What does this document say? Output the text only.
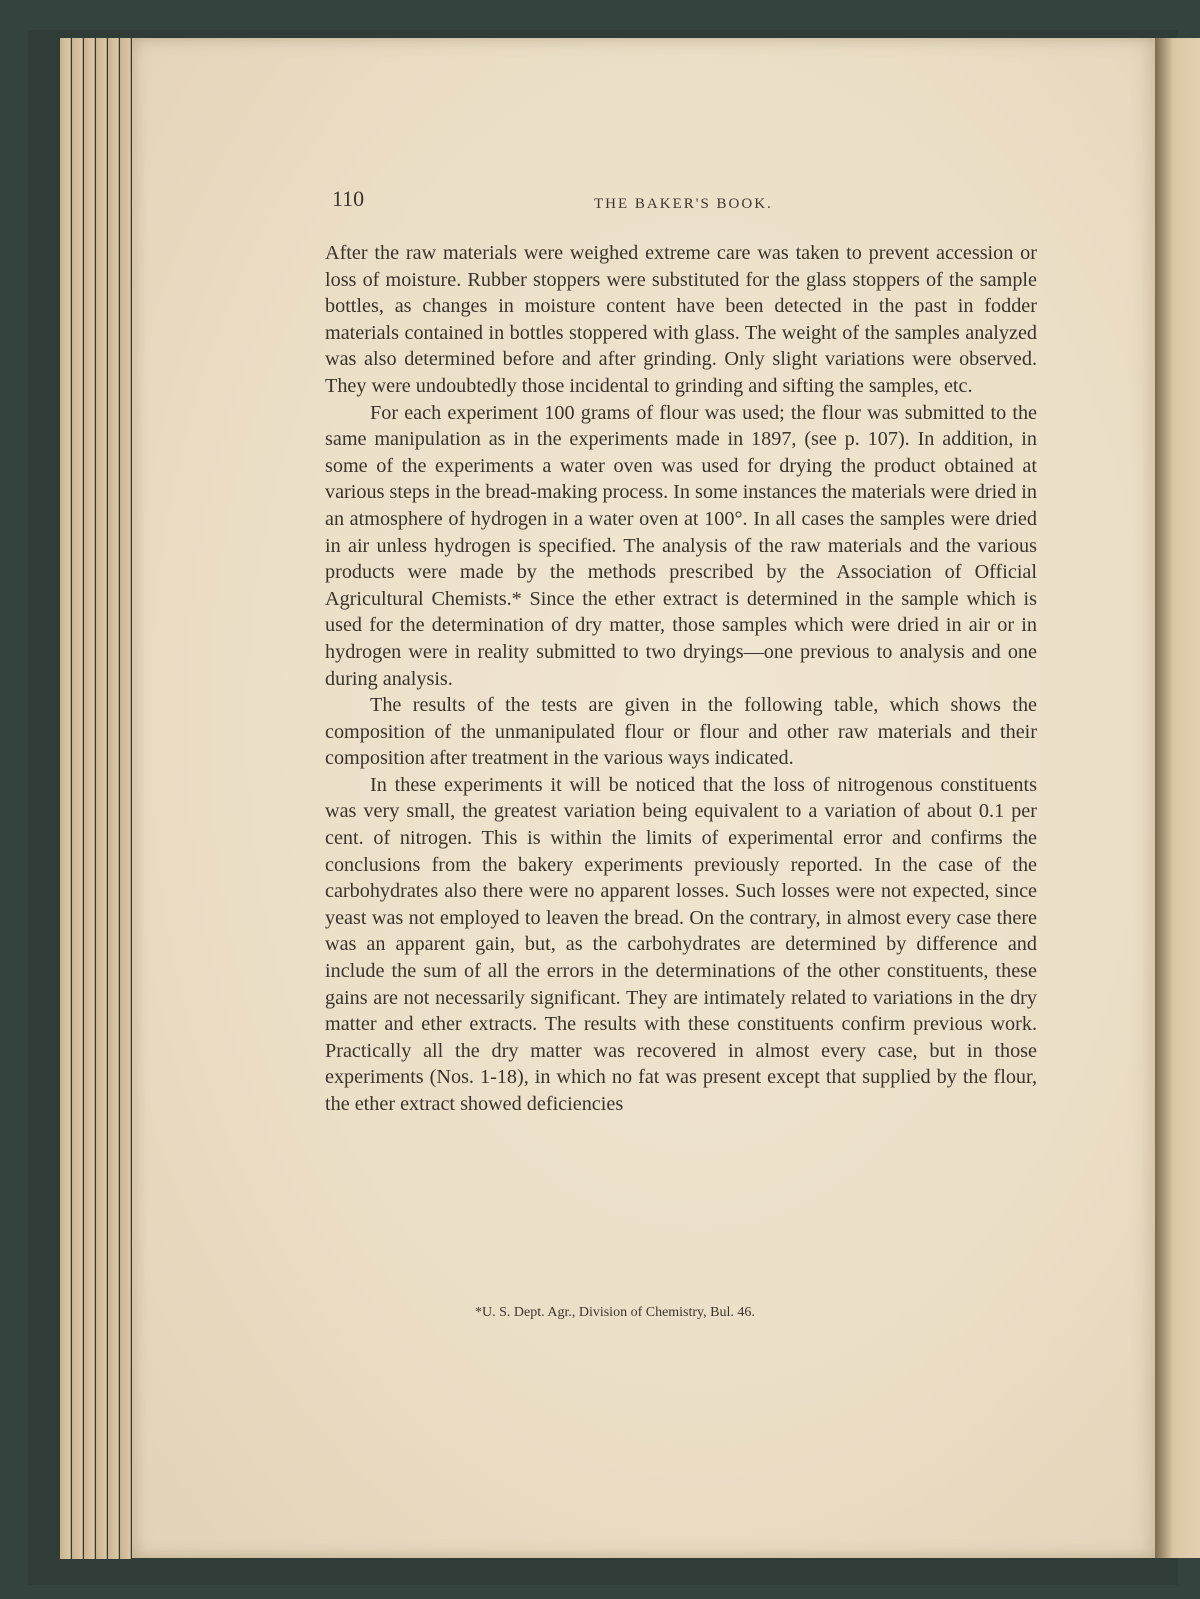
110	THE BAKER'S BOOK.

After the raw materials were weighed extreme care was taken to prevent accession or loss of moisture. Rubber stoppers were substituted for the glass stoppers of the sample bottles, as changes in moisture content have been detected in the past in fodder materials contained in bottles stoppered with glass. The weight of the samples analyzed was also determined before and after grinding. Only slight variations were observed. They were undoubtedly those incidental to grinding and sifting the samples, etc.

For each experiment 100 grams of flour was used; the flour was submitted to the same manipulation as in the experiments made in 1897, (see p. 107). In addition, in some of the experiments a water oven was used for drying the product obtained at various steps in the bread-making process. In some instances the materials were dried in an atmosphere of hydrogen in a water oven at 100°. In all cases the samples were dried in air unless hydrogen is specified. The analysis of the raw materials and the various products were made by the methods prescribed by the Association of Official Agricultural Chemists.* Since the ether extract is determined in the sample which is used for the determination of dry matter, those samples which were dried in air or in hydrogen were in reality submitted to two dryings—one previous to analysis and one during analysis.

The results of the tests are given in the following table, which shows the composition of the unmanipulated flour or flour and other raw materials and their composition after treatment in the various ways indicated.

In these experiments it will be noticed that the loss of nitrogenous constituents was very small, the greatest variation being equivalent to a variation of about 0.1 per cent. of nitrogen. This is within the limits of experimental error and confirms the conclusions from the bakery experiments previously reported. In the case of the carbohydrates also there were no apparent losses. Such losses were not expected, since yeast was not employed to leaven the bread. On the contrary, in almost every case there was an apparent gain, but, as the carbohydrates are determined by difference and include the sum of all the errors in the determinations of the other constituents, these gains are not necessarily significant. They are intimately related to variations in the dry matter and ether extracts. The results with these constituents confirm previous work. Practically all the dry matter was recovered in almost every case, but in those experiments (Nos. 1-18), in which no fat was present except that supplied by the flour, the ether extract showed deficiencies

*U. S. Dept. Agr., Division of Chemistry, Bul. 46.
